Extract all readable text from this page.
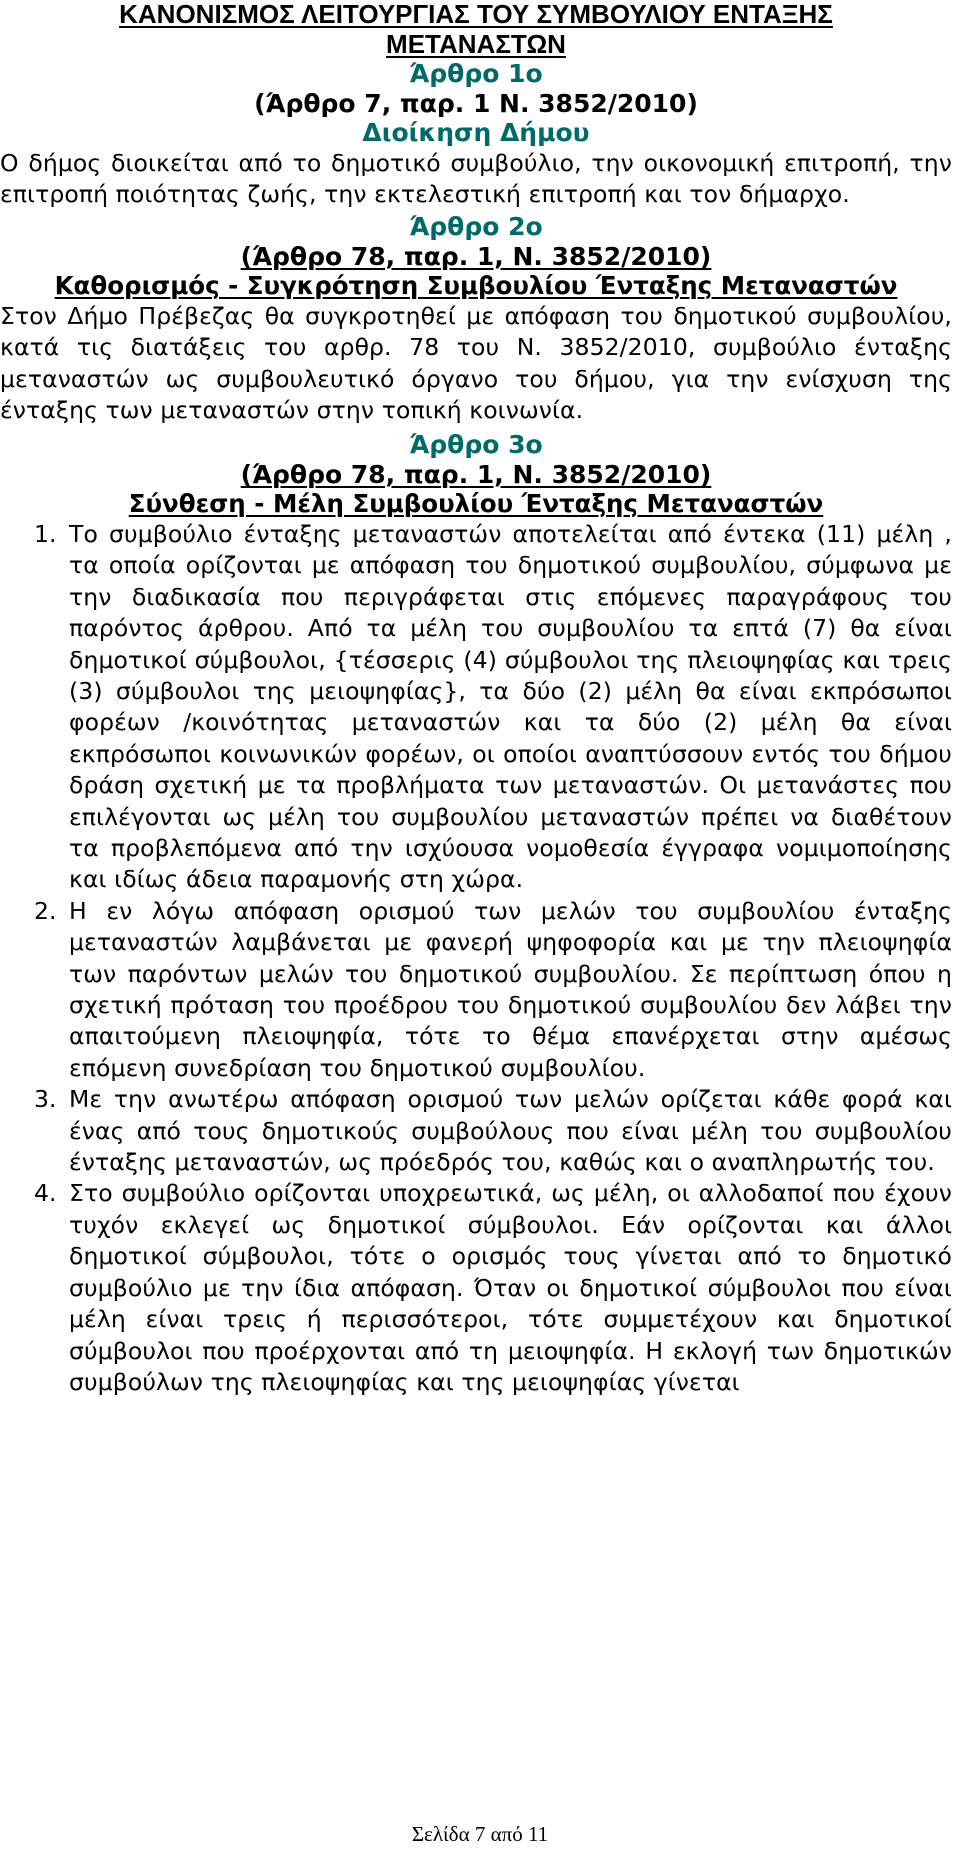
ΚΑΝΟΝΙΣΜΟΣ ΛΕΙΤΟΥΡΓΙΑΣ ΤΟΥ ΣΥΜΒΟΥΛΙΟΥ ΕΝΤΑΞΗΣ
ΜΕΤΑΝΑΣΤΩΝ
Άρθρο 1ο
(Άρθρο 7, παρ. 1 Ν. 3852/2010)
Διοίκηση Δήμου

Ο δήμος διοικείται από το δημοτικό συμβούλιο, την οικονομική επιτροπή, την επιτροπή ποιότητας ζωής, την εκτελεστική επιτροπή και τον δήμαρχο.

Άρθρο 2ο
(Άρθρο 78, παρ. 1, Ν. 3852/2010)
Καθορισμός - Συγκρότηση Συμβουλίου Ένταξης Μεταναστών

Στον Δήμο Πρέβεζας θα συγκροτηθεί με απόφαση του δημοτικού συμβουλίου, κατά τις διατάξεις του αρθρ. 78 του Ν. 3852/2010, συμβούλιο ένταξης μεταναστών ως συμβουλευτικό όργανο του δήμου, για την ενίσχυση της ένταξης των μεταναστών στην τοπική κοινωνία.

Άρθρο 3ο
(Άρθρο 78, παρ. 1, Ν. 3852/2010)
Σύνθεση - Μέλη Συμβουλίου Ένταξης Μεταναστών
1. Το συμβούλιο ένταξης μεταναστών αποτελείται από έντεκα (11) μέλη , τα οποία ορίζονται με απόφαση του δημοτικού συμβουλίου, σύμφωνα με την διαδικασία που περιγράφεται στις επόμενες παραγράφους του παρόντος άρθρου. Από τα μέλη του συμβουλίου τα επτά (7) θα είναι δημοτικοί σύμβουλοι, {τέσσερις (4) σύμβουλοι της πλειοψηφίας και τρεις (3) σύμβουλοι της μειοψηφίας}, τα δύο (2) μέλη θα είναι εκπρόσωποι φορέων /κοινότητας μεταναστών και τα δύο (2) μέλη θα είναι εκπρόσωποι κοινωνικών φορέων, οι οποίοι αναπτύσσουν εντός του δήμου δράση σχετική με τα προβλήματα των μεταναστών. Οι μετανάστες που επιλέγονται ως μέλη του συμβουλίου μεταναστών πρέπει να διαθέτουν τα προβλεπόμενα από την ισχύουσα νομοθεσία έγγραφα νομιμοποίησης και ιδίως άδεια παραμονής στη χώρα.
2. Η εν λόγω απόφαση ορισμού των μελών του συμβουλίου ένταξης μεταναστών λαμβάνεται με φανερή ψηφοφορία και με την πλειοψηφία των παρόντων μελών του δημοτικού συμβουλίου. Σε περίπτωση όπου η σχετική πρόταση του προέδρου του δημοτικού συμβουλίου δεν λάβει την απαιτούμενη πλειοψηφία, τότε το θέμα επανέρχεται στην αμέσως επόμενη συνεδρίαση του δημοτικού συμβουλίου.
3. Με την ανωτέρω απόφαση ορισμού των μελών ορίζεται κάθε φορά και ένας από τους δημοτικούς συμβούλους που είναι μέλη του συμβουλίου ένταξης μεταναστών, ως πρόεδρός του, καθώς και ο αναπληρωτής του.
4. Στο συμβούλιο ορίζονται υποχρεωτικά, ως μέλη, οι αλλοδαποί που έχουν τυχόν εκλεγεί ως δημοτικοί σύμβουλοι. Εάν ορίζονται και άλλοι δημοτικοί σύμβουλοι, τότε ο ορισμός τους γίνεται από το δημοτικό συμβούλιο με την ίδια απόφαση. Όταν οι δημοτικοί σύμβουλοι που είναι μέλη είναι τρεις ή περισσότεροι, τότε συμμετέχουν και δημοτικοί σύμβουλοι που προέρχονται από τη μειοψηφία. Η εκλογή των δημοτικών συμβούλων της πλειοψηφίας και της μειοψηφίας γίνεται
Σελίδα 7 από 11
